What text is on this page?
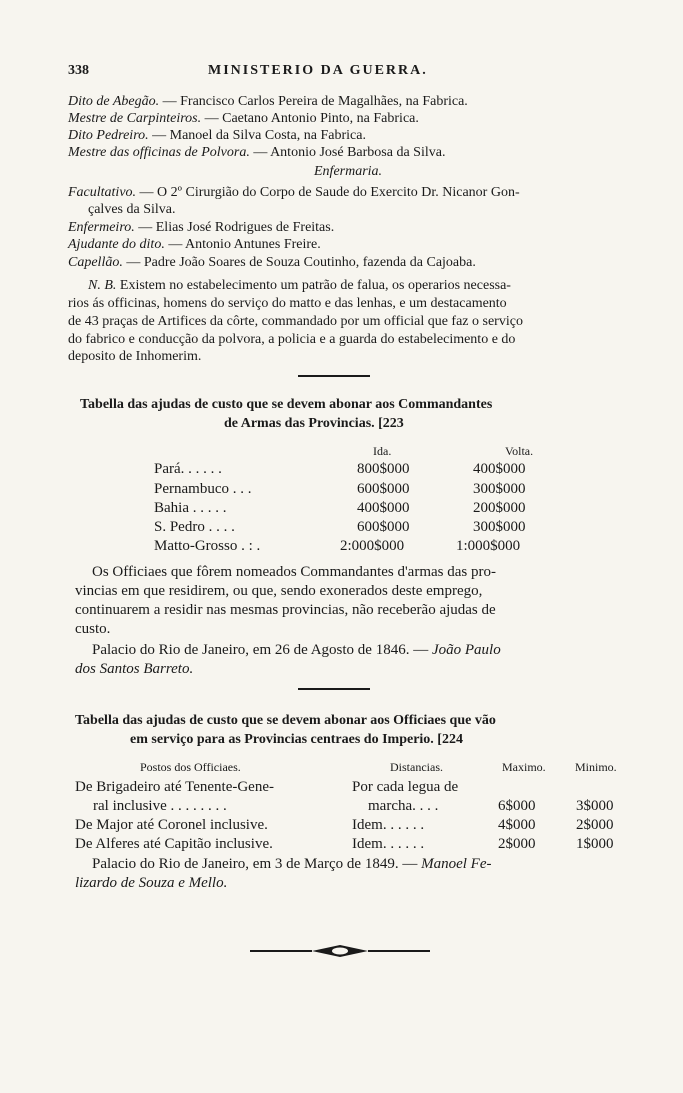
338	MINISTERIO DA GUERRA.
Dito de Abegão. — Francisco Carlos Pereira de Magalhães, na Fabrica.
Mestre de Carpinteiros. — Caetano Antonio Pinto, na Fabrica.
Dito Pedreiro. — Manoel da Silva Costa, na Fabrica.
Mestre das officinas de Polvora. — Antonio José Barbosa da Silva.
Enfermaria.
Facultativo. — O 2º Cirurgião do Corpo de Saude do Exercito Dr. Nicanor Gon-
çalves da Silva.
Enfermeiro. — Elias José Rodrigues de Freitas.
Ajudante do dito. — Antonio Antunes Freire.
Capellão. — Padre João Soares de Souza Coutinho, fazenda da Cajoaba.
N. B. Existem no estabelecimento um patrão de falua, os operarios necessa-
rios ás officinas, homens do serviço do matto e das lenhas, e um destacamento
de 43 praças de Artifices da côrte, commandado por um official que faz o serviço
do fabrico e conducção da polvora, a policia e a guarda do estabelecimento e do
deposito de Inhomerim.
Tabella das ajudas de custo que se devem abonar aos Commandantes
de Armas das Provincias. [223
Ida.	Volta.
Pará. . . . . .	800$000	400$000
Pernambuco . . .	600$000	300$000
Bahia . . . . .	400$000	200$000
S. Pedro . . . .	600$000	300$000
Matto-Grosso . : .	2:000$000	1:000$000
Os Officiaes que fôrem nomeados Commandantes d'armas das pro-
vincias em que residirem, ou que, sendo exonerados deste emprego,
continuarem a residir nas mesmas provincias, não receberão ajudas de
custo.
Palacio do Rio de Janeiro, em 26 de Agosto de 1846. — João Paulo
dos Santos Barreto.
Tabella das ajudas de custo que se devem abonar aos Officiaes que vão
em serviço para as Provincias centraes do Imperio. [224
Postos dos Officiaes.	Distancias.	Maximo. Minimo.
De Brigadeiro até Tenente-Gene-	Por cada legua de
ral inclusive . . . . . . . .	marcha. . . .	6$000	3$000
De Major até Coronel inclusive.	Idem. . . . . .	4$000	2$000
De Alferes até Capitão inclusive.	Idem. . . . . .	2$000	1$000
Palacio do Rio de Janeiro, em 3 de Março de 1849. — Manoel Fe-
lizardo de Souza e Mello.
